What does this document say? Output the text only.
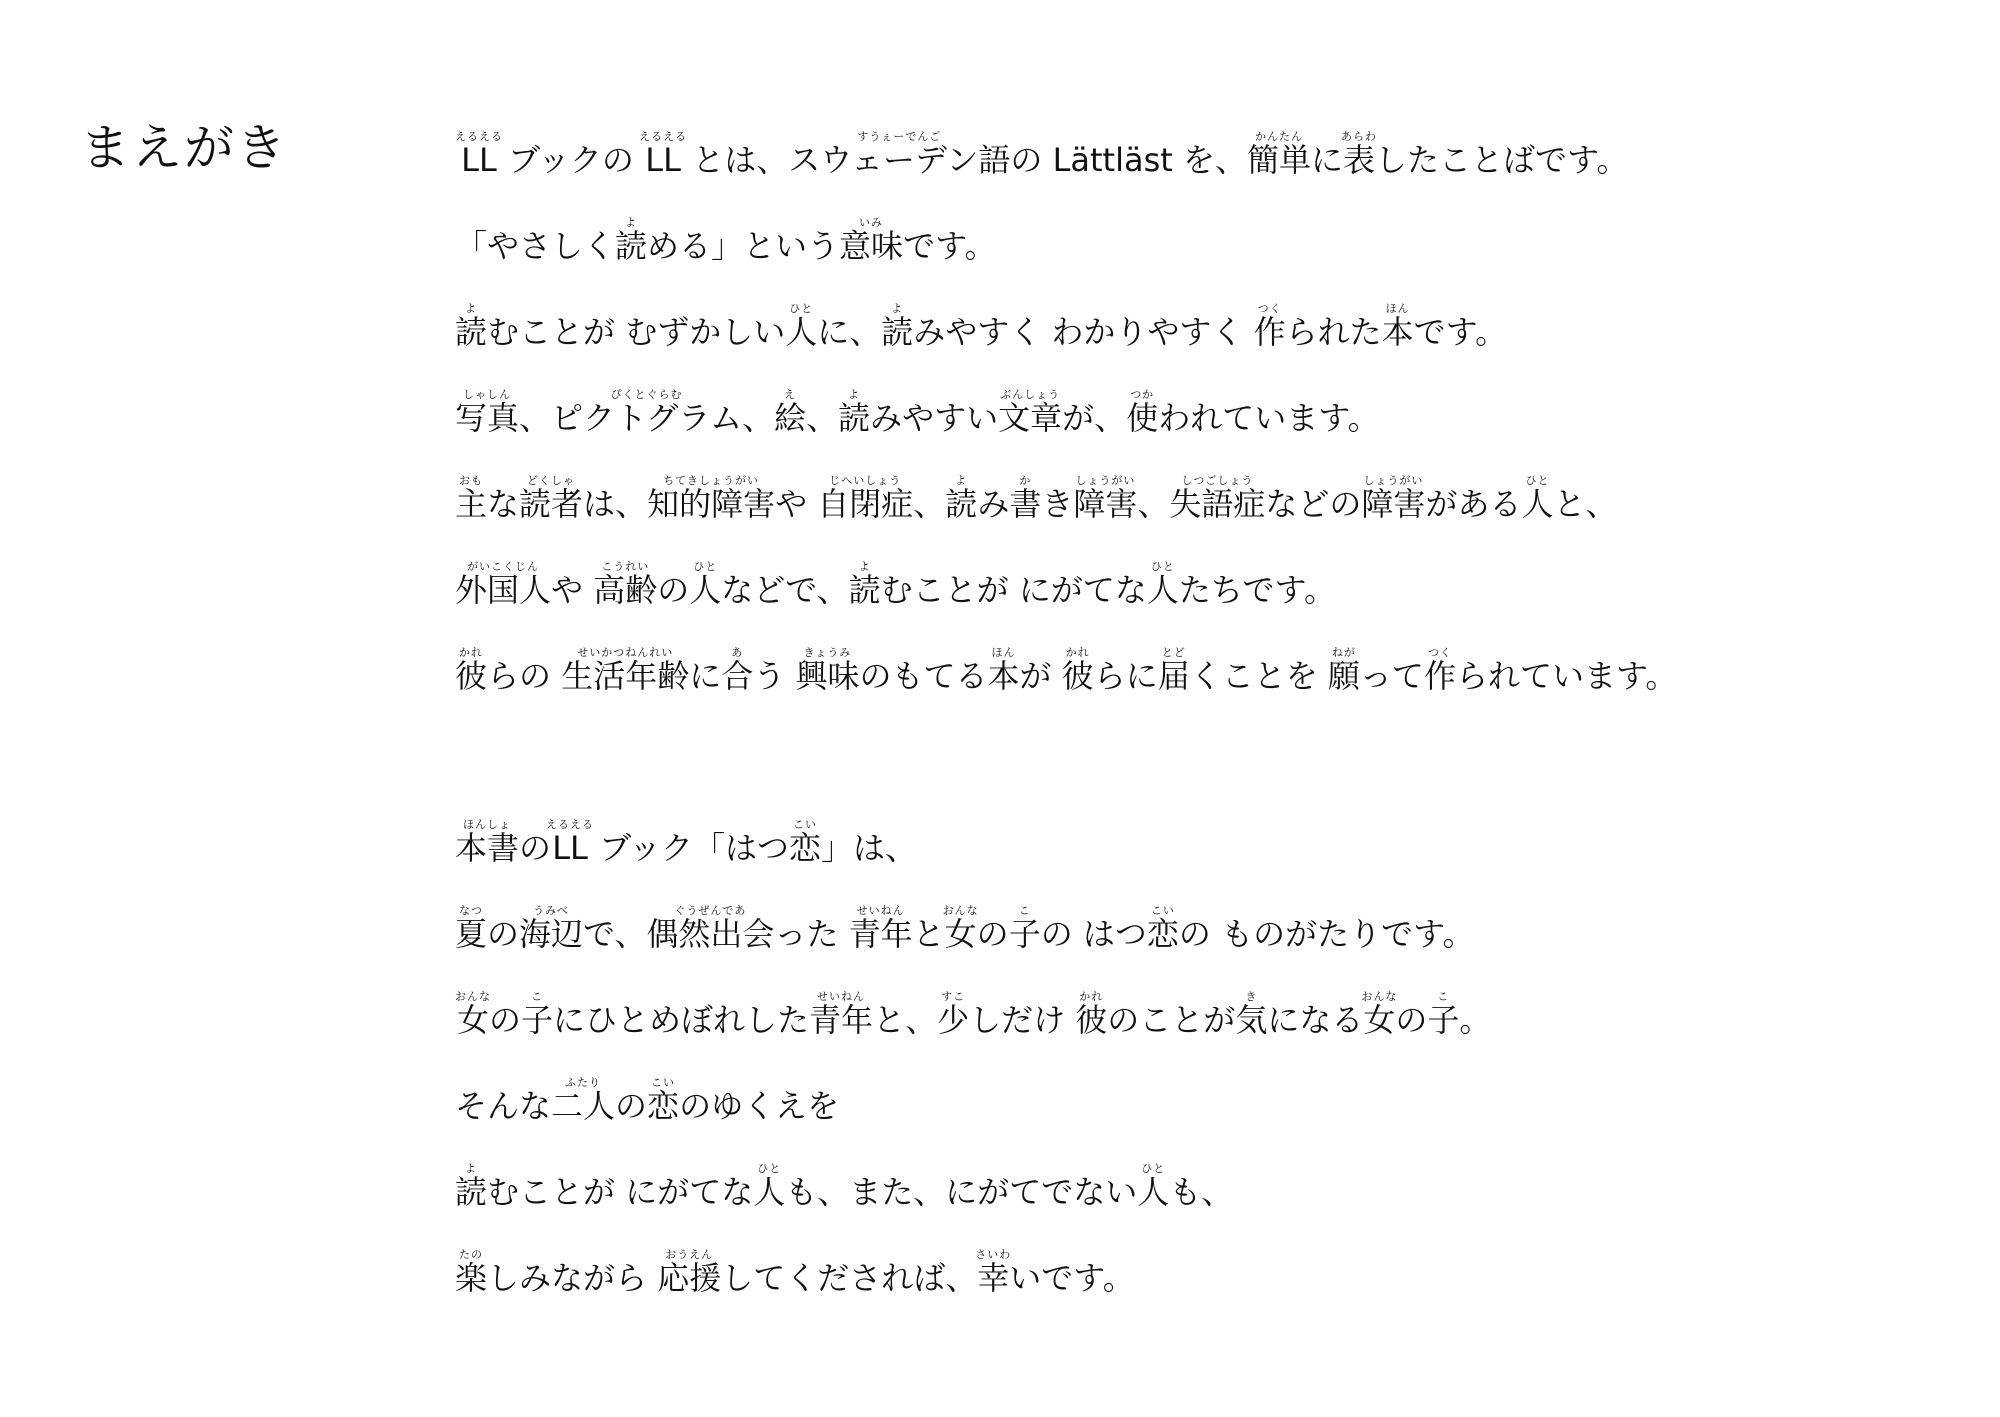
まえがき	LLえるえる ブックの LLえるえる とは、スウェーデン語すうぇーでんごの Lättläst を、簡単かんたんに表あらわしたことばです。
「やさしく読よめる」という意味いみです。
読よむことが むずかしい人ひとに、読よみやすく わかりやすく 作つくられた本ほんです。
写真しゃしん、ピクトグラムぴくとぐらむ、絵え、読よみやすい文章ぶんしょうが、使つかわれています。
主おもな読者どくしゃは、知的障害ちてきしょうがいや 自閉症じへいしょう、読よみ書かき障害しょうがい、失語症しつごしょうなどの障害しょうがいがある人ひとと、
外国人がいこくじんや 高齢こうれいの人ひとなどで、読よむことが にがてな人ひとたちです。
彼かれらの 生活年齢せいかつねんれいに合あう 興味きょうみのもてる本ほんが 彼かれらに届とどくことを 願ねがって作つくられています。
本書ほんしょのLLえるえる ブック「はつ恋こい」は、
夏なつの海辺うみべで、偶然出会ぐうぜんであった 青年せいねんと女おんなの子この はつ恋こいの ものがたりです。
女おんなの子こにひとめぼれした青年せいねんと、少すこしだけ 彼かれのことが気きになる女おんなの子こ。
そんな二人ふたりの恋こいのゆくえを
読よむことが にがてな人ひとも、また、にがてでない人ひとも、
楽たのしみながら 応援おうえんしてくだされば、幸さいわいです。
